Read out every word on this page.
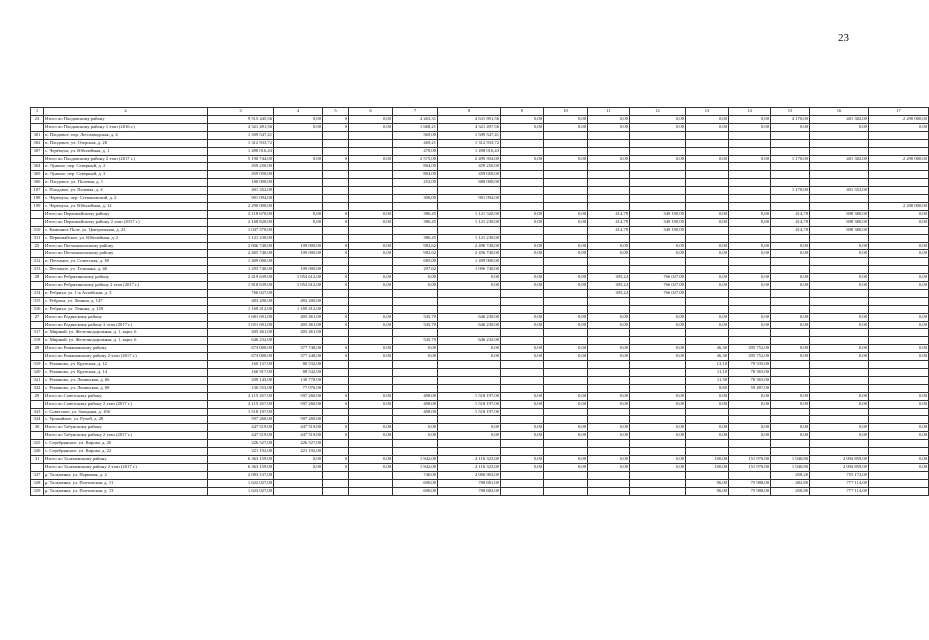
23
1	2	3	4	5	6	7	8	9	10	11	12	13	14	15	16	17
23	Итого по Плодовскому району	9 515 445,56	0,00	0	0,00	4 263,31	4 631 891,56	0,00	0,00	0,00	0,00	0,00	0,00	4 170,00	401 382,00	2 290 000,00
	Итого по Плодовскому району 1 этап (2016 г.)	4 321 491,56	0,00	0	0,00	1 668,21	4 321 497,56	0,00	0,00	0,00	0,00	0,00	0,00	0,00	0,00	0,00
301	п. Плодовое, пер. Лесозаводская, д. 4	1 509 547,41				569,00	1 509 547,41									
302	п. Плодовое, ул. Озерская, д. 28	1 312 933,72				469,21	1 312 933,72									
307	с. Черёмуха, ул. Юбилейная, д. 1	1 498 016,43				470,00	1 498 016,43									
	Итого по Плодовскому району 2 этап (2017 г.)	5 190 744,00	0,00	0	0,00	2 575,00	2 499 394,00	0,00	0,00	0,00	0,00	0,00	0,00	1 170,00	401 382,00	2 290 000,00
304	п. Лужное, пер. Северный, д. 2	459 250,00				864,00	459 250,00									
305	п. Лужное, пер. Северный, д. 3	459 050,00				864,00	459 050,00									
306	п. Плодовое, ул. Полевая, д. 1	180 000,00				253,00	680 000,00									
107	с. Плодовое, ул. Полевая, д. 4	401 352,00												1 170,00	401 352,00	
108	с. Черёмуха, пер. Степановский, д. 2	901 094,00				308,00	901 094,00									
109	с. Черёмуха, ул. Юбилейная, д. 12	2 290 000,00														2 290 000,00
	Итого по Первомайскому району	2 118 670,00	0,00	0	0,00	386,45	1 121 320,00	0,00	0,00	414,78	349 190,00	0,00	0,00	414,78	698 380,00	0,00
	Итого по Первомайскому району 2 этап (2017 г.)	2 168 820,00	0,00	0	0,00	386,45	1 121 230,00	0,00	0,00	414,78	349 190,00	0,00	0,00	414,78	698 380,00	0,00
310	с. Каменное Поле, ул. Центральная, д. 23	1 047 570,00								414,78	349 190,00			414,78	698 380,00	
311	с. Первомайское, ул. Юбилейная, д. 2	1 121 230,00				386,45	1 121 230,00									
25	Итого по Песчанокопскому району	2 606 740,00	109 000,00	0	0,00	982,62	2 496 740,00	0,00	0,00	0,00	0,00	0,00	0,00	0,00	0,00	0,00
	Итого по Песчанокопскому району	2 405 740,00	109 000,00	0	0,00	982,62	2 456 740,00	0,00	0,00	0,00	0,00	0,00	0,00	0,00	0,00	0,00
312	п. Песчаное, ул. Советская, д. 38	1 409 000,00				685,00	1 409 000,00									
313	с. Песчаное, ул. Тельмана, д. 46	1 293 740,00	109 000,00			297,62	1 096 740,00									
28	Итого по Ребрихинскому району	2 419 639,00	1 054 612,00	0	0,00	0,00	0,00	0,00	0,00	305,24	766 027,00	0,00	0,00	0,00	0,00	0,00
	Итого по Ребрихинскому району 2 этап (2017 г.)	1 818 639,00	1 052 612,00	0	0,00	0,00	0,00	0,00	0,00	305,24	766 027,00	0,00	0,00	0,00	0,00	0,00
314	п. Ребриха, ул. 1-я Алтайская, д. 3	766 027,00								305,24	766 027,00					
315	с. Ребриха, ул. Ленина, д. 147	483 200,00	483 200,00													
316	п. Ребриха, ул. Ленина, д. 149	1 169 412,00	1 169 412,00													
27	Итого по Родинскому району	1 681 691,00	405 461,00	0	0,00	545,70	646 230,00	0,00	0,00	0,00	0,00	0,00	0,00	0,00	0,00	0,00
	Итого по Родинскому району 2 этап (2017 г.)	1 051 691,00	405 461,00	0	0,00	545,70	646 230,00	0,00	0,00	0,00	0,00	0,00	0,00	0,00	0,00	0,00
317	п. Мирный, ул. Железнодорожная, д. 1, корп. 6	405 461,00	405 461,00													
318	п. Мирный, ул. Железнодорожная, д. 1, корп. 6	646 232,00				545,70	646 232,00									
28	Итого по Романовскому району	673 000,00	377 748,00	0	0,00	0,00	0,00	0,00	0,00	0,00	0,00	46,30	295 752,00	0,00	0,00	0,00
	Итого по Романовскому району 2 этап (2017 г.)	673 000,00	377 248,00	0	0,00	0,00	0,00	0,00	0,00	0,00	0,00	46,30	295 752,00	0,00	0,00	0,00
319	с. Романово, ул. Крупская, д. 12	160 137,00	80 532,00									13,10	79 535,00			
320	с. Романово, ул. Крупская, д. 14	166 917,00	88 542,00									11,10	78 365,00			
321	с. Романово, ул. Ленинская, д. 66	209 143,00	130 778,00									11,30	78 365,00			
322	с. Романово, ул. Ленинская, д. 68	136 553,00	77 076,00									8,80	59 487,00			
29	Итого по Советскому району	2 115 457,00	597 260,00	0	0,00	498,00	1 518 197,00	0,00	0,00	0,00	0,00	0,00	0,00	0,00	0,00	0,00
	Итого по Советскому району 2 этап (2017 г.)	2 115 457,00	597 260,00	0	0,00	498,00	1 518 197,00	0,00	0,00	0,00	0,00	0,00	0,00	0,00	0,00	0,00
323	с. Советское, ул. Западная, д. 106	1 518 197,00				498,00	1 518 197,00									
324	с. Урожайное, ул. Ручей, д. 28	597 260,00	597 260,00													
30	Итого по Табунскому району	447 519,00	447 519,00	0	0,00	0,00	0,00	0,00	0,00	0,00	0,00	0,00	0,00	0,00	0,00	0,00
	Итого по Табунскому району 2 этап (2017 г.)	447 519,00	447 519,00	0	0,00	0,00	0,00	0,00	0,00	0,00	0,00	0,00	0,00	0,00	0,00	0,00
325	с. Серебрянское, ул. Кирова, д. 20	226 527,00	226 527,00													
326	с. Серебрянское, ул. Кирова, д. 22	221 192,00	221 192,00													
31	Итого по Тальменскому району	6 363 159,00	0,00	0	0,00	1 842,00	4 116 325,00	0,00	0,00	0,00	0,00	100,00	151 976,00	1 940,80	2 094 859,00	0,00
	Итого по Тальменскому району 2 этап (2017 г.)	6 363 159,00	0,00	0	0,00	1 842,00	4 116 325,00	0,00	0,00	0,00	0,00	100,00	151 976,00	1 940,80	2 094 859,00	0,00
327	р. Тальменка, ул. Парковая, д. 2	2 083 137,00				740,00	2 006 963,00							458,20	755 172,00	
328	р. Тальменка, ул. Почтовская, д. 11	1 622 027,00				690,00	708 681,00					96,00	75 988,00	482,80	777 114,00	
329	р. Тальменка, ул. Почтовская, д. 13	1 623 027,00				690,00	708 683,00					96,00	75 988,00	458,80	777 114,00	
